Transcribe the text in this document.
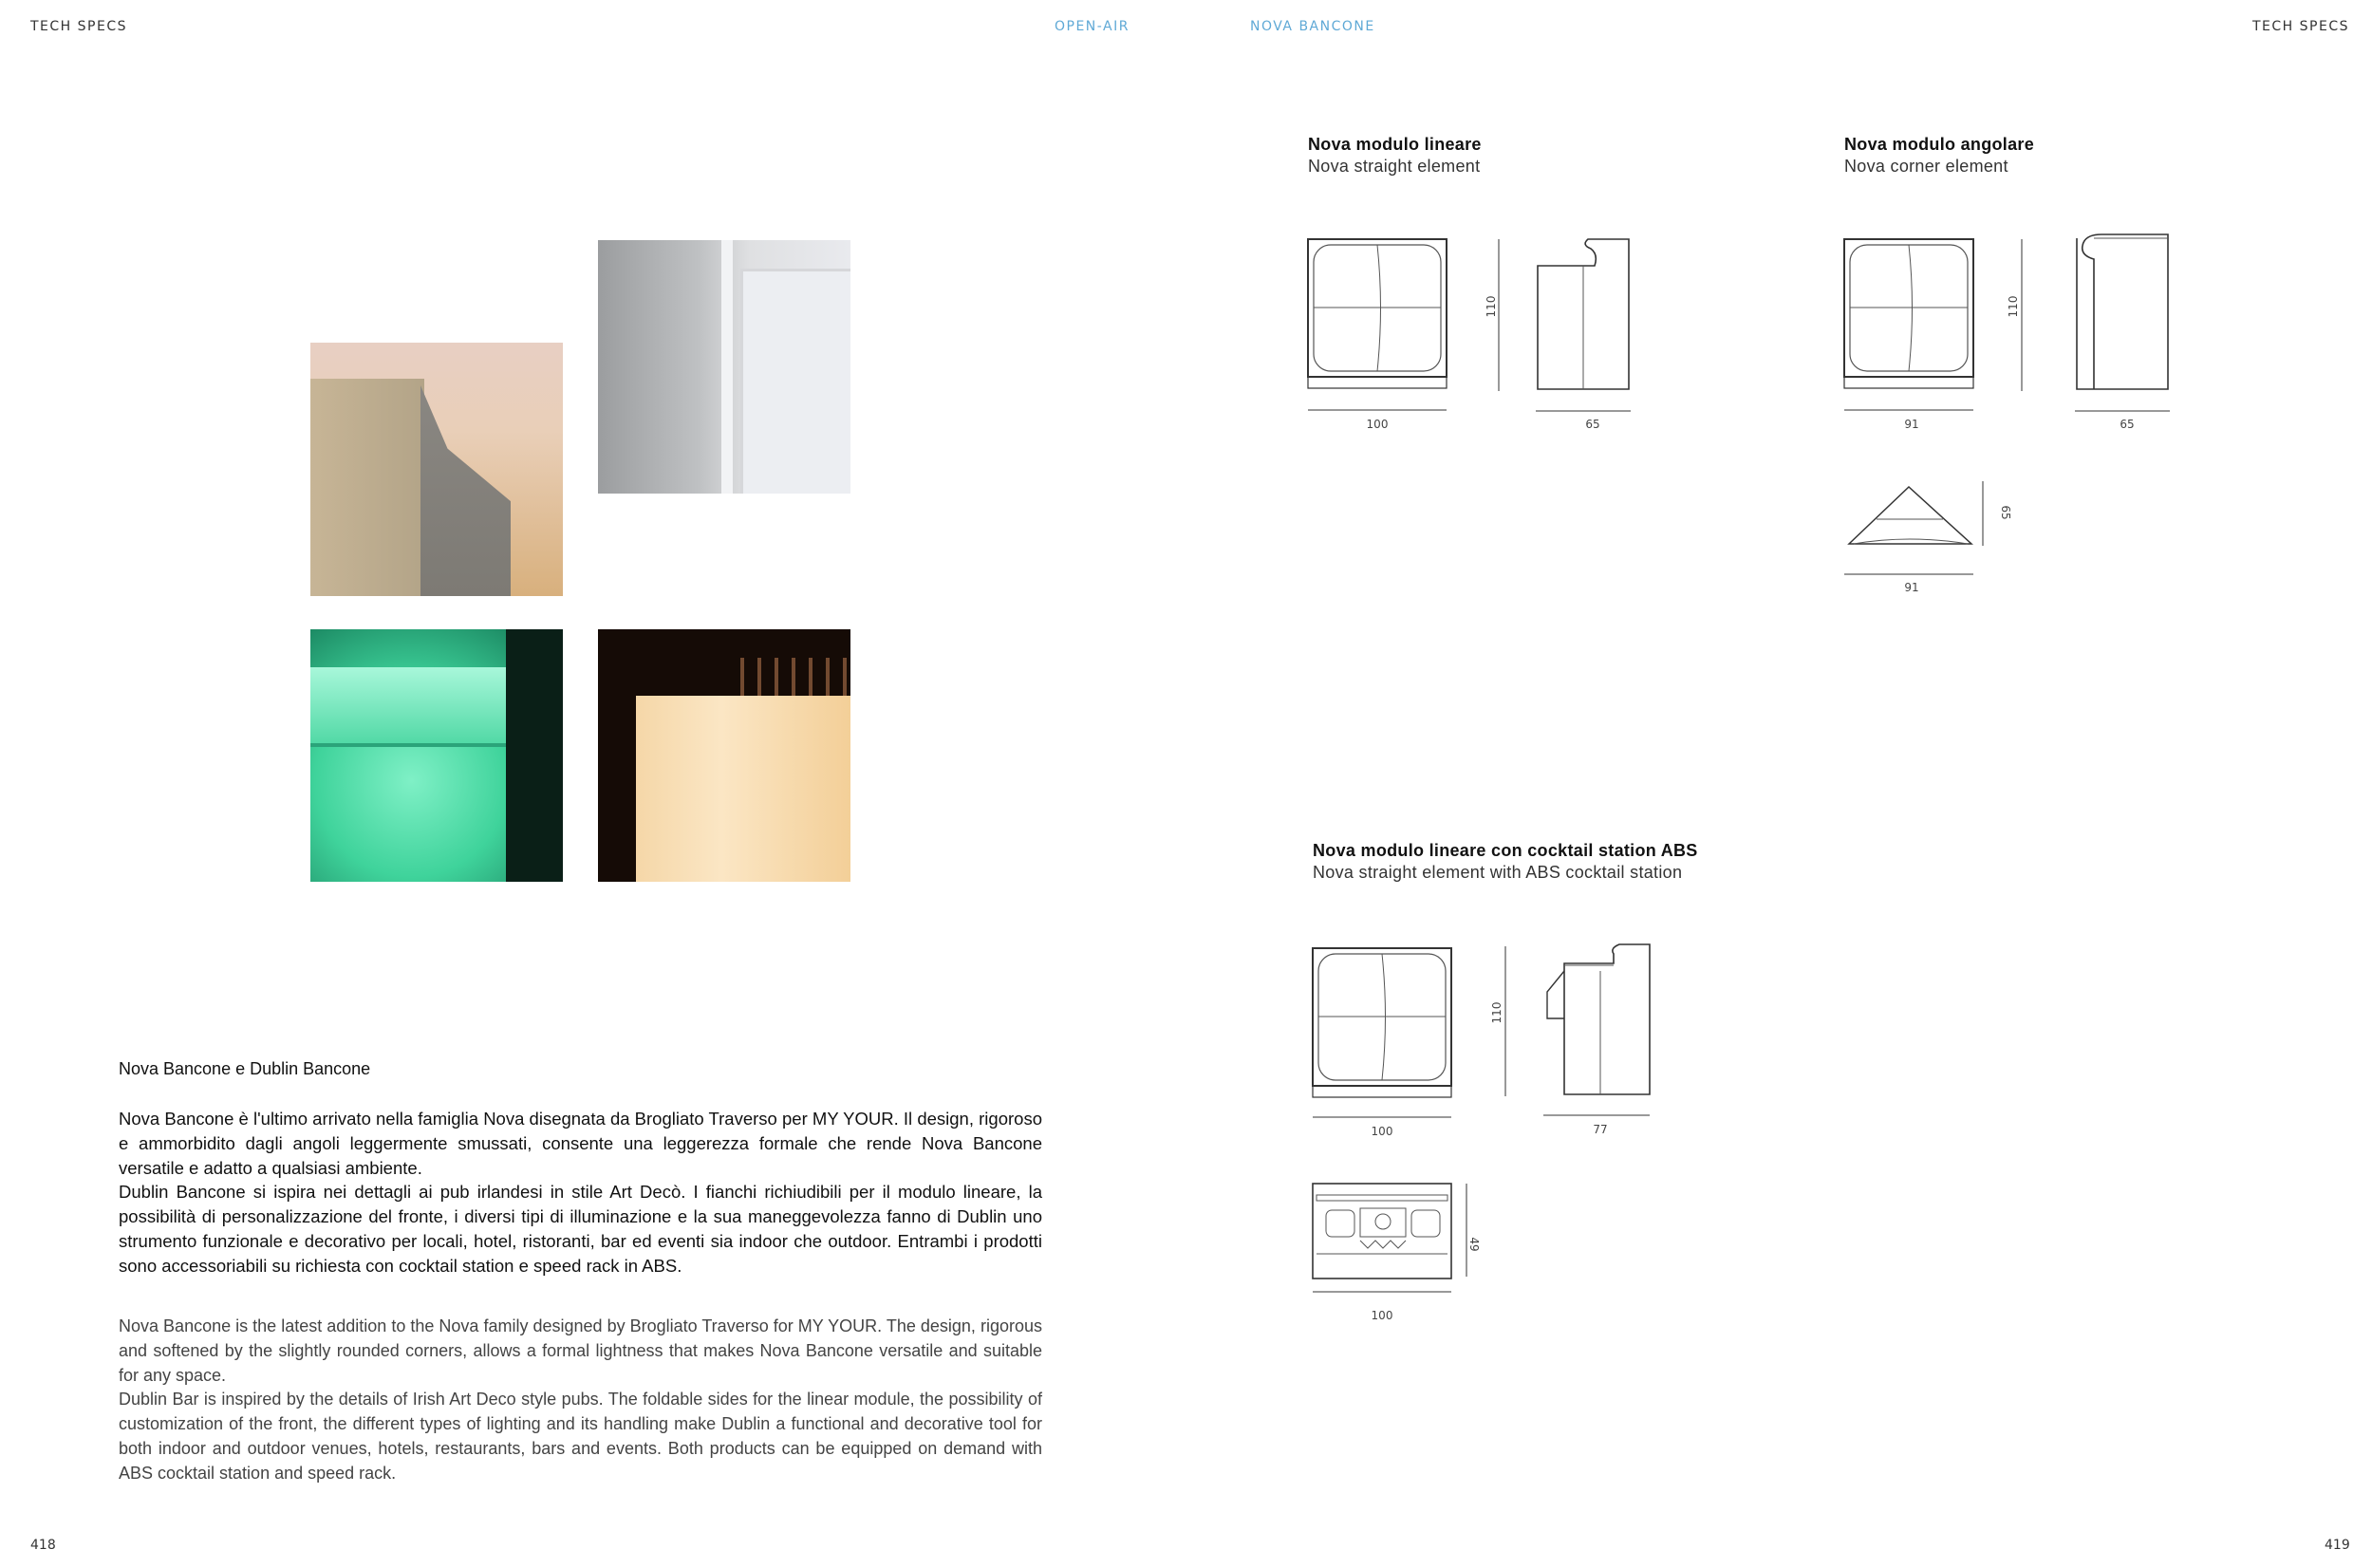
TECH SPECS	OPEN-AIR	NOVA BANCONE	TECH SPECS
Nova Bancone e Dublin Bancone

Nova Bancone è l'ultimo arrivato nella famiglia Nova disegnata da Brogliato Traverso per MY YOUR. Il design, rigoroso e ammorbidito dagli angoli leggermente smussati, consente una leggerezza formale che rende Nova Bancone versatile e adatto a qualsiasi ambiente.

Dublin Bancone si ispira nei dettagli ai pub irlandesi in stile Art Decò. I fianchi richiudibili per il modulo lineare, la possibilità di personalizzazione del fronte, i diversi tipi di illuminazione e la sua maneggevolezza fanno di Dublin uno strumento funzionale e decorativo per locali, hotel, ristoranti, bar ed eventi sia indoor che outdoor. Entrambi i prodotti sono accessoriabili su richiesta con cocktail station e speed rack in ABS.

Nova Bancone is the latest addition to the Nova family designed by Brogliato Traverso for MY YOUR. The design, rigorous and softened by the slightly rounded corners, allows a formal lightness that makes Nova Bancone versatile and suitable for any space.

Dublin Bar is inspired by the details of Irish Art Deco style pubs. The foldable sides for the linear module, the possibility of customization of the front, the different types of lighting and its handling make Dublin a functional and decorative tool for both indoor and outdoor venues, hotels, restaurants, bars and events. Both products can be equipped on demand with ABS cocktail station and speed rack.

418	419
Nova modulo lineare
Nova straight element
100
110
65
Nova modulo angolare
Nova corner element
91
110
65
65
91
Nova modulo lineare con cocktail station ABS
Nova straight element with ABS cocktail station
100
110
77
49
100
